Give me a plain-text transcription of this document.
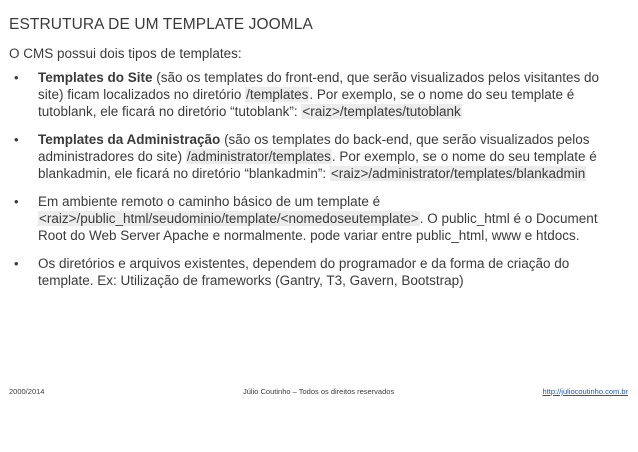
ESTRUTURA DE UM TEMPLATE JOOMLA
O CMS possui dois tipos de templates:
• Templates do Site (são os templates do front-end, que serão visualizados pelos visitantes do site) ficam localizados no diretório /templates. Por exemplo, se o nome do seu template é tutoblank, ele ficará no diretório “tutoblank”: <raiz>/templates/tutoblank
• Templates da Administração (são os templates do back-end, que serão visualizados pelos administradores do site) /administrator/templates. Por exemplo, se o nome do seu template é blankadmin, ele ficará no diretório “blankadmin”: <raiz>/administrator/templates/blankadmin
• Em ambiente remoto o caminho básico de um template é <raiz>/public_html/seudominio/template/<nomedoseutemplate>. O public_html é o Document Root do Web Server Apache e normalmente. pode variar entre public_html, www e htdocs.
• Os diretórios e arquivos existentes, dependem do programador e da forma de criação do template. Ex: Utilização de frameworks (Gantry, T3, Gavern, Bootstrap)
2000/2014	Júlio Coutinho – Todos os direitos reservados	http://juliocoutinho.com.br
